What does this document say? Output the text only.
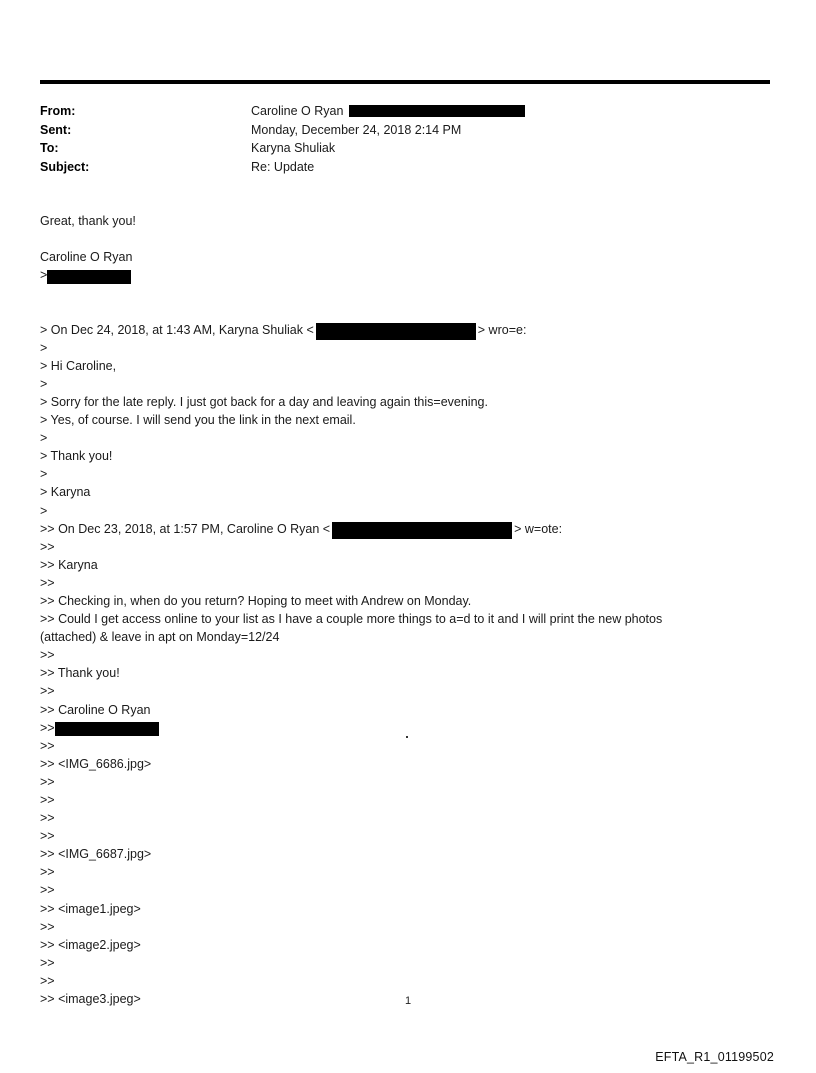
From:	Caroline O Ryan
Sent:	Monday, December 24, 2018 2:14 PM
To:	Karyna Shuliak
Subject:	Re: Update
Great, thank you!

Caroline O Ryan
>

> On Dec 24, 2018, at 1:43 AM, Karyna Shuliak <	> wro=e:
>
> Hi Caroline,
>
> Sorry for the late reply. I just got back for a day and leaving again this=evening.
> Yes, of course. I will send you the link in the next email.
>
> Thank you!
>
> Karyna
>
>> On Dec 23, 2018, at 1:57 PM, Caroline O Ryan <	> w=ote:
>>
>> Karyna
>>
>> Checking in, when do you return? Hoping to meet with Andrew on Monday.
>> Could I get access online to your list as I have a couple more things to a=d to it and I will print the new photos
(attached) & leave in apt on Monday=12/24
>>
>> Thank you!
>>
>> Caroline O Ryan
>>
>>
>> <IMG_6686.jpg>
>>
>>
>>
>>
>> <IMG_6687.jpg>
>>
>>
>> <image1.jpeg>
>>
>> <image2.jpeg>
>>
>>
>> <image3.jpeg>	1
EFTA_R1_01199502
